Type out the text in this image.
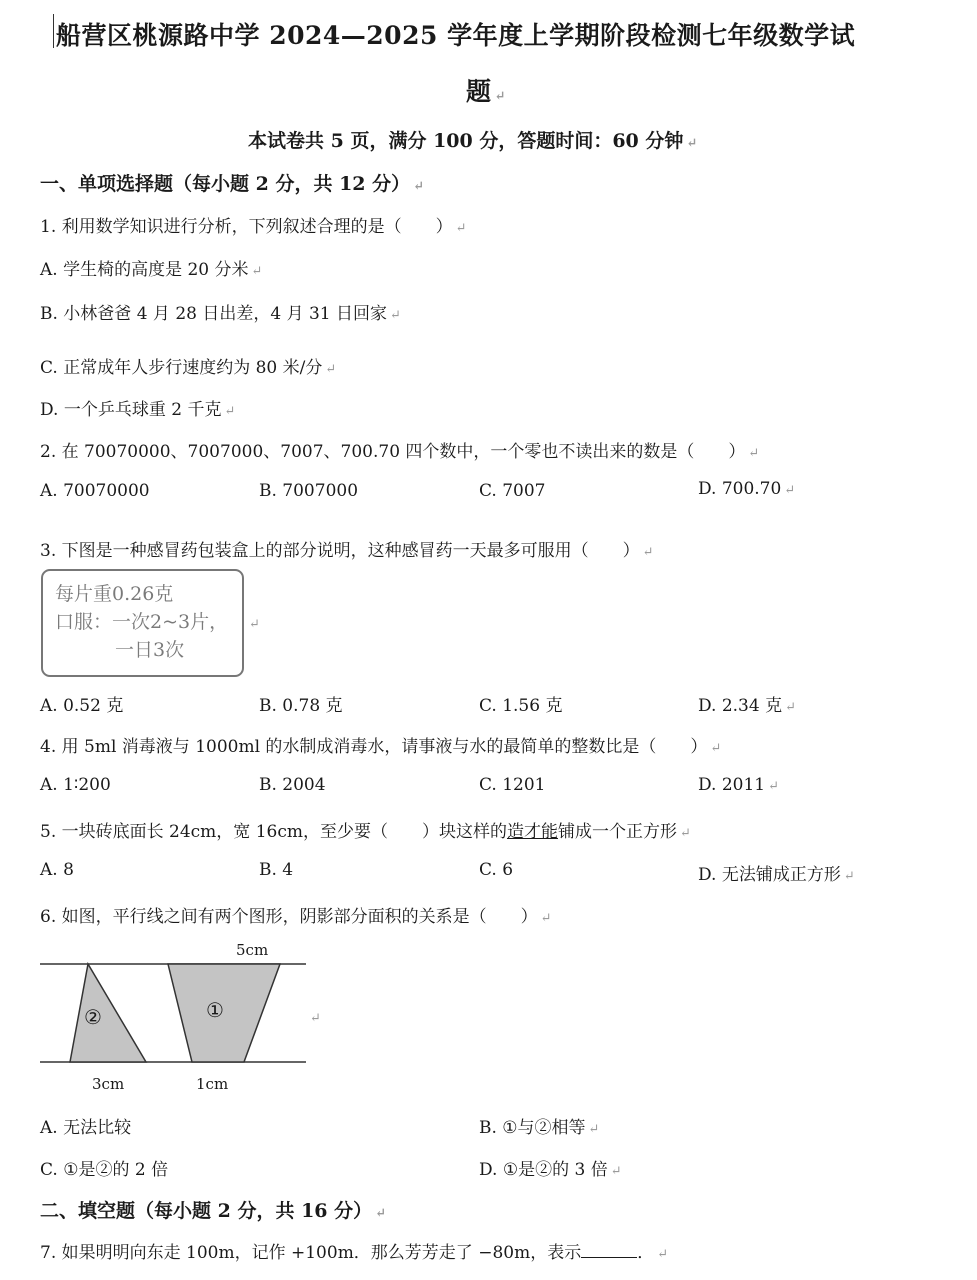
船营区桃源路中学 2024—2025 学年度上学期阶段检测七年级数学试
题 ↵
本试卷共 5 页，满分 100 分，答题时间：60 分钟 ↵
一、单项选择题（每小题 2 分，共 12 分） ↵
1. 利用数学知识进行分析，下列叙述合理的是（　　） ↵
A. 学生椅的高度是 20 分米 ↵
B. 小林爸爸 4 月 28 日出差，4 月 31 日回家 ↵
C. 正常成年人步行速度约为 80 米/分 ↵
D. 一个乒乓球重 2 千克 ↵
2. 在 70070000、7007000、7007、700.70 四个数中，一个零也不读出来的数是（　　） ↵
A. 70070000	B. 7007000	C. 7007	D. 700.70 ↵
3. 下图是一种感冒药包装盒上的部分说明，这种感冒药一天最多可服用（　　） ↵
每片重0.26克
口服：一次2~3片，
一日3次
↵
A. 0.52 克	B. 0.78 克	C. 1.56 克	D. 2.34 克 ↵
4. 用 5ml 消毒液与 1000ml 的水制成消毒水，请事液与水的最简单的整数比是（　　） ↵
A. 1∶200	B. 2004	C. 1201	D. 2011 ↵
5. 一块砖底面长 24cm，宽 16cm，至少要（　　）块这样的造才能铺成一个正方形 ↵
A. 8	B. 4	C. 6	D. 无法铺成正方形 ↵
6. 如图，平行线之间有两个图形，阴影部分面积的关系是（　　） ↵
5cm
3cm	1cm
②	①	↵
A. 无法比较	B. ①与②相等 ↵
C. ①是②的 2 倍	D. ①是②的 3 倍 ↵
二、填空题（每小题 2 分，共 16 分） ↵
7. 如果明明向东走 100m，记作 +100m．那么芳芳走了 −80m，表示	． ↵
